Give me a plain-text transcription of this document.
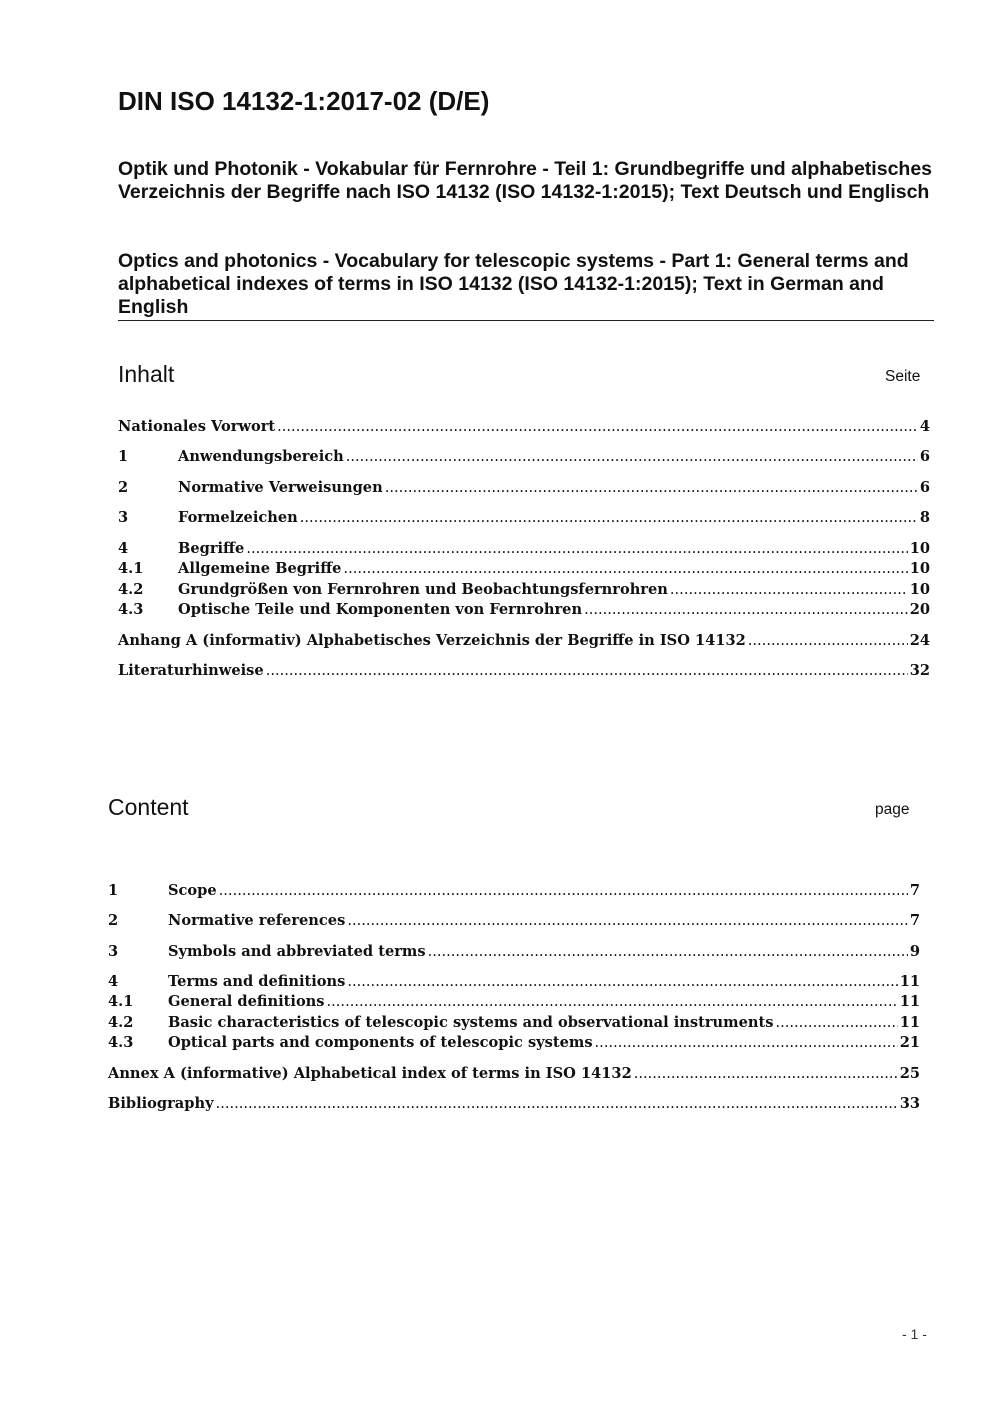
DIN ISO 14132-1:2017-02 (D/E)

Optik und Photonik - Vokabular für Fernrohre - Teil 1: Grundbegriffe und alphabetisches Verzeichnis der Begriffe nach ISO 14132 (ISO 14132-1:2015); Text Deutsch und Englisch

Optics and photonics - Vocabulary for telescopic systems - Part 1: General terms and alphabetical indexes of terms in ISO 14132 (ISO 14132-1:2015); Text in German and English

Inhalt	Seite
Nationales Vorwort .....	4
1	Anwendungsbereich .....	6
2	Normative Verweisungen .....	6
3	Formelzeichen .....	8
4	Begriffe .....	10
4.1	Allgemeine Begriffe .....	10
4.2	Grundgrößen von Fernrohren und Beobachtungsfernrohren .....	10
4.3	Optische Teile und Komponenten von Fernrohren .....	20
Anhang A (informativ) Alphabetisches Verzeichnis der Begriffe in ISO 14132 .....	24
Literaturhinweise .....	32
Content	page
1	Scope .....	7
2	Normative references .....	7
3	Symbols and abbreviated terms .....	9
4	Terms and definitions .....	11
4.1	General definitions .....	11
4.2	Basic characteristics of telescopic systems and observational instruments .....	11
4.3	Optical parts and components of telescopic systems .....	21
Annex A (informative) Alphabetical index of terms in ISO 14132 .....	25
Bibliography .....	33
- 1 -
